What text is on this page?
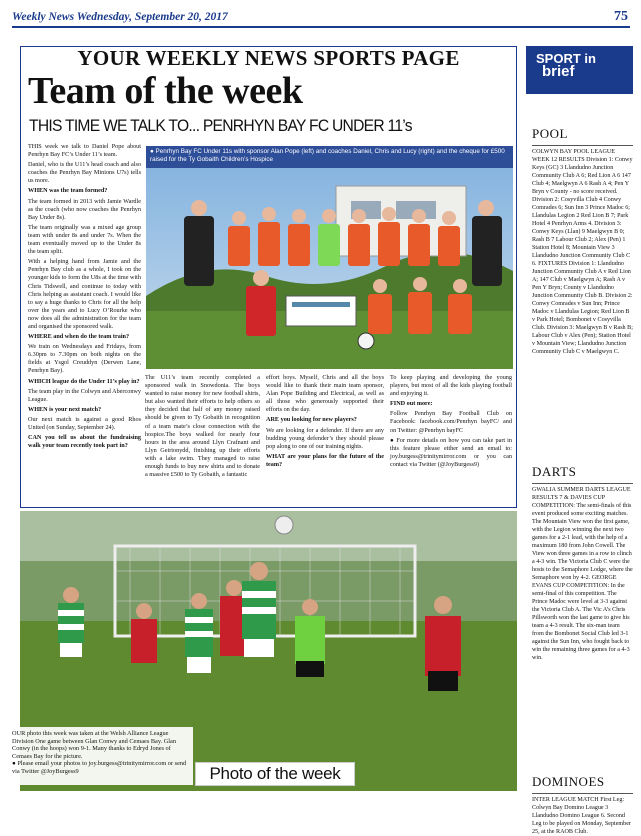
Weekly News Wednesday, September 20, 2017	75
YOUR WEEKLY NEWS SPORTS PAGE
Team of the week
THIS TIME WE TALK TO... PENRHYN BAY FC UNDER 11’s

THIS week we talk to Daniel Pope about Penrhyn Bay FC’s Under 11’s team.

Daniel, who is the U11’s head coach and also coaches the Penrhyn Bay Minions U7s) tells us more.

WHEN was the team formed?

The team formed in 2013 with Jamie Wardle as the coach (who now coaches the Penrhyn Bay Under 8s).

The team originally was a mixed age group team with under 8s and under 7s. When the team eventually moved up to the Under 8s the team split.

With a helping hand from Jamie and the Penrhyn Bay club as a whole, I took on the younger kids to form the U8s at the time with Chris Tidswell, and continue to today with Chris helping as assistant coach. I would like to say a huge thanks to Chris for all the help over the years and to Lucy O’Rourke who now does all the administration for the team and organised the sponsored walk.

WHERE and when do the team train?

We train on Wednesdays and Fridays, from 6.30pm to 7.30pm on both nights on the fields at Ysgol Creuddyn (Derwen Lane, Penrhyn Bay).

WHICH league do the Under 11’s play in?

The team play in the Colwyn and Aberconwy League.

WHEN is your next match?

Our next match is against a good Rhos United (on Sunday, September 24).

CAN you tell us about the fundraising walk your team recently took part in?

● Penrhyn Bay FC Under 11s with sponsor Alan Pope (left) and coaches Daniel, Chris and Lucy (right) and the cheque for £500 raised for the Ty Gobaith Children’s Hospice

The U11’s team recently completed a sponsored walk in Snowdonia. The boys wanted to raise money for new football shirts, but also wanted their efforts to help others so they decided that half of any money raised should be given to Ty Gobaith in recognition of a team mate’s close connection with the hospice.The boys walked for nearly four hours in the area around Llyn Crafnant and Llyn Geirionydd, finishing up their efforts with a lake swim. They managed to raise enough funds to buy new shirts and to donate a massive £500 to Ty Gobaith, a fantastic

effort boys. Myself, Chris and all the boys would like to thank their main team sponsor, Alan Pope Building and Electrical, as well as all those who generously supported their efforts on the day.

ARE you looking for new players?

We are looking for a defender. If there are any budding young defender’s they should please pop along to one of our training nights.

WHAT are your plans for the future of the team?

To keep playing and developing the young players, but most of all the kids playing football and enjoying it.

FIND out more:

Follow Penrhyn Bay Football Club on Facebook: facebook.com/Penrhyn bayFC/ and on Twitter: @Penrhyn bayFC

● For more details on how you can take part in this feature please either send an email to: joy.burgess@trinitymirror.com or you can contact via Twitter (@JoyBurgess9)

OUR photo this week was taken at the Welsh Alliance League Division One game between Glan Conwy and Cemaes Bay. Glan Conwy (in the hoops) won 9-1. Many thanks to Edryd Jones of Cemaes Bay for the picture.

● Please email your photos to joy.burgess@trinitymirror.com or send via Twitter @JoyBurgess9	Photo of the week
SPORT in
brief
POOL
COLWYN BAY POOL LEAGUE WEEK 12 RESULTS Division 1: Conwy Keys (GC) 3 Llandudno Junction Community Club A 6; Red Lion A 6 147 Club 4; Maelgwyn A 6 Rash A 4; Pen Y Bryn v County - no score received. Division 2: Cosyvilla Club 4 Conwy Comrades 6; Sun Inn 3 Prince Madoc 6; Llandulas Legion 2 Red Lion B 7; Park Hotel 4 Penrhyn Arms 4. Division 3: Conwy Keys (Llan) 9 Maelgwyn B 0; Rash B 7 Labour Club 2; Alex (Pen) 1 Station Hotel 8; Mountain View 3 Llandudno Junction Community Club C 6. FIXTURES Division 1: Llandudno Junction Community Club A v Red Lion A; 147 Club v Maelgwyn A; Rash A v Pen Y Bryn; County v Llandudno Junction Community Club B. Division 2: Conwy Comrades v Sun Inn; Prince Madoc v Llandulas Legion; Red Lion B v Park Hotel; Bombonet v Cosyvilla Club. Division 3: Maelgwyn B v Rash B; Labour Club v Alex (Pen); Station Hotel v Mountain View; Llandudno Junction Community Club C v Maelgwyn C.
DARTS
GWALIA SUMMER DARTS LEAGUE RESULTS 7 & DAVIES CUP COMPETITION: The semi-finals of this event produced some exciting matches. The Mountain View won the first game, with the Legion winning the next two games for a 2-1 lead, with the help of a maximum 180 from John Cowell. The View won three games in a row to clinch a 4-3 win. The Victoria Club C were the hosts to the Semaphore Lodge, where the Semaphore won by 4-2. GEORGE EVANS CUP COMPETITION: In the semi-final of this competition. The Prince Madoc were level at 3-3 against the Victoria Club A. The Vic A’s Chris Pillsworth won the last game to give his team a 4-3 result. The six-man team from the Bombonet Social Club led 3-1 against the Sun Inn, who fought back to win the remaining three games for a 4-3 win.
DOMINOES
INTER LEAGUE MATCH First Leg: Colwyn Bay Domino League 3 Llandudno Domino League 6. Second Leg to be played on Monday, September 25, at the RAOB Club.
